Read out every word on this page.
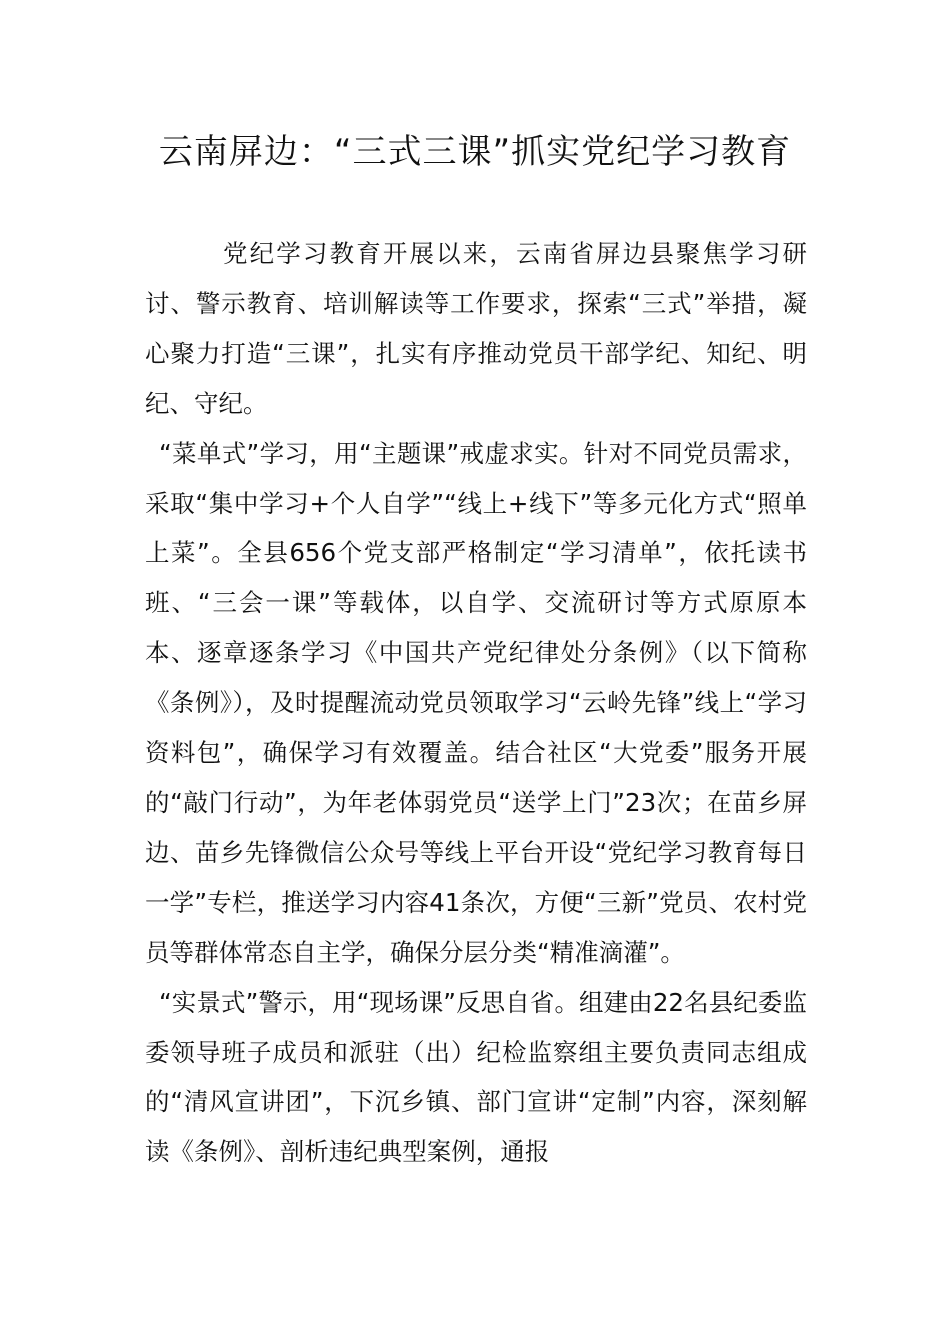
云南屏边：“三式三课”抓实党纪学习教育

党纪学习教育开展以来，云南省屏边县聚焦学习研讨、警示教育、培训解读等工作要求，探索“三式”举措，凝心聚力打造“三课”，扎实有序推动党员干部学纪、知纪、明纪、守纪。

“菜单式”学习，用“主题课”戒虚求实。针对不同党员需求，采取“集中学习+个人自学”“线上+线下”等多元化方式“照单上菜”。全县656个党支部严格制定“学习清单”，依托读书班、“三会一课”等载体，以自学、交流研讨等方式原原本本、逐章逐条学习《中国共产党纪律处分条例》（以下简称《条例》），及时提醒流动党员领取学习“云岭先锋”线上“学习资料包”，确保学习有效覆盖。结合社区“大党委”服务开展的“敲门行动”，为年老体弱党员“送学上门”23次；在苗乡屏边、苗乡先锋微信公众号等线上平台开设“党纪学习教育每日一学”专栏，推送学习内容41条次，方便“三新”党员、农村党员等群体常态自主学，确保分层分类“精准滴灌”。

“实景式”警示，用“现场课”反思自省。组建由22名县纪委监委领导班子成员和派驻（出）纪检监察组主要负责同志组成的“清风宣讲团”，下沉乡镇、部门宣讲“定制”内容，深刻解读《条例》、剖析违纪典型案例，通报
